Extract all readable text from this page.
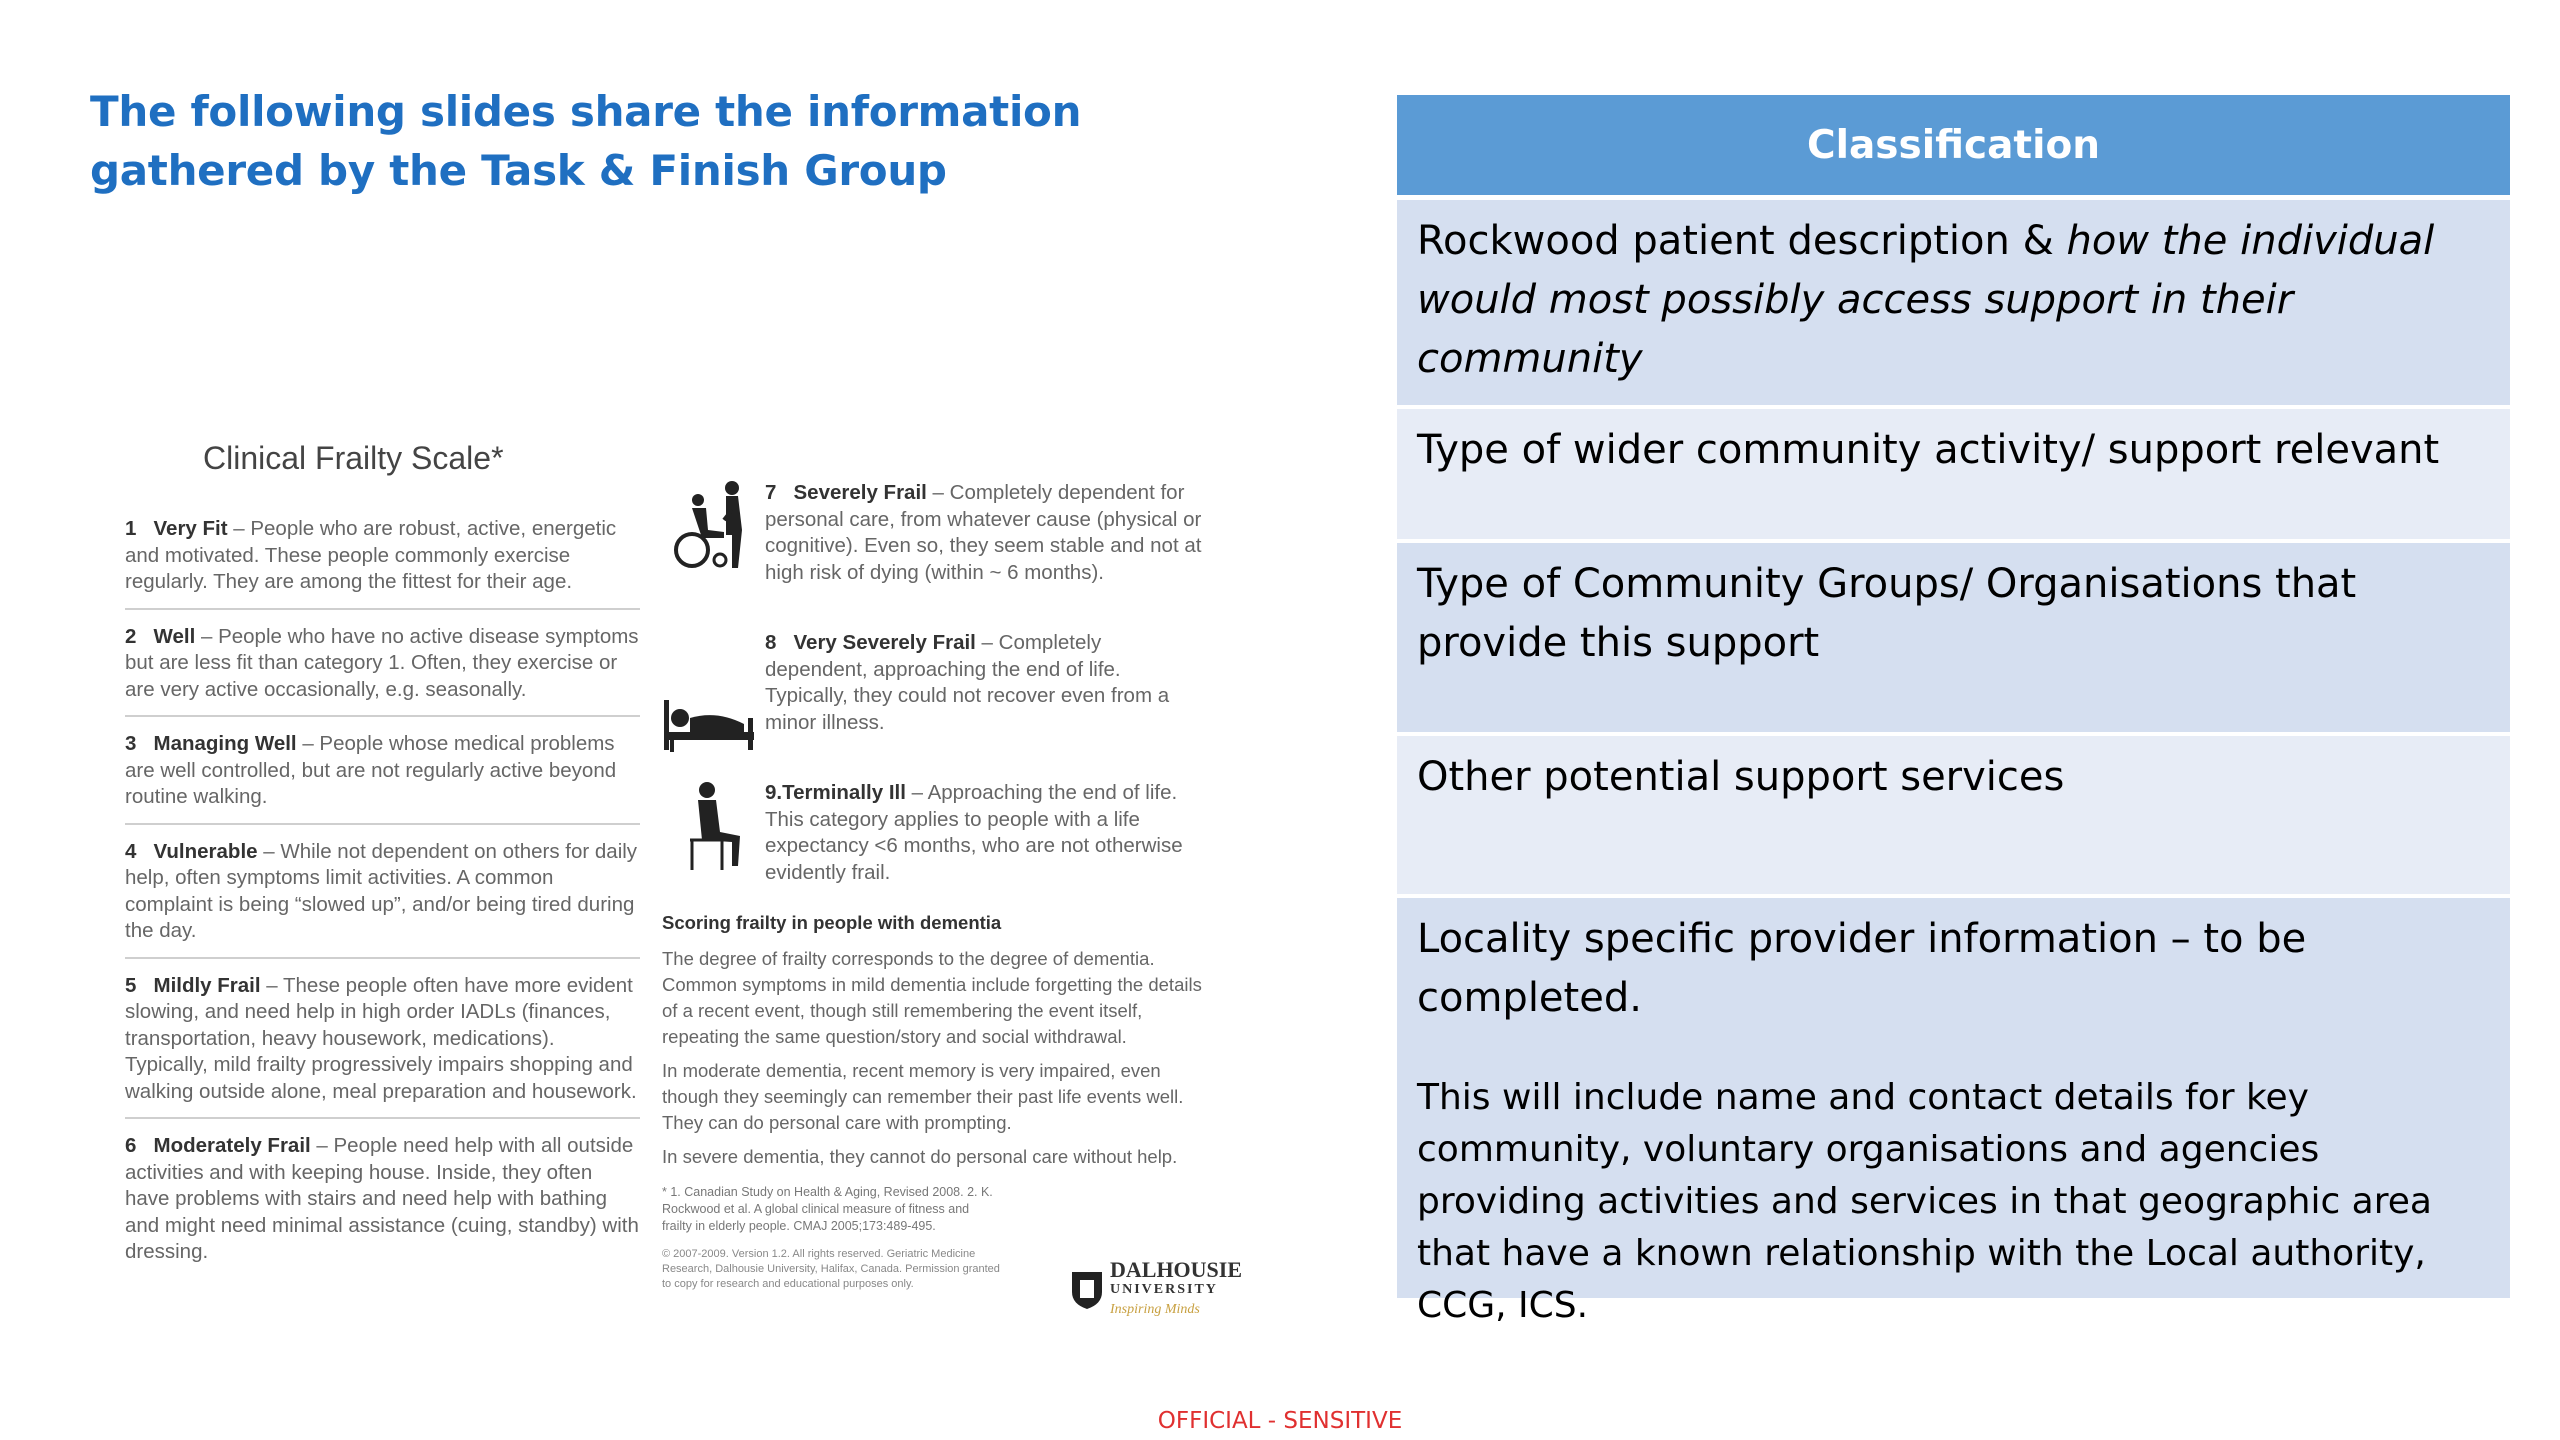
The following slides share the information
gathered by the Task & Finish Group
Clinical Frailty Scale*
1 Very Fit – People who are robust, active, energetic and motivated. These people commonly exercise regularly. They are among the fittest for their age.
2 Well – People who have no active disease symptoms but are less fit than category 1. Often, they exercise or are very active occasionally, e.g. seasonally.
3 Managing Well – People whose medical problems are well controlled, but are not regularly active beyond routine walking.
4 Vulnerable – While not dependent on others for daily help, often symptoms limit activities. A common complaint is being “slowed up”, and/or being tired during the day.
5 Mildly Frail – These people often have more evident slowing, and need help in high order IADLs (finances, transportation, heavy housework, medications). Typically, mild frailty progressively impairs shopping and walking outside alone, meal preparation and housework.
6 Moderately Frail – People need help with all outside activities and with keeping house. Inside, they often have problems with stairs and need help with bathing and might need minimal assistance (cuing, standby) with dressing.
7 Severely Frail – Completely dependent for personal care, from whatever cause (physical or cognitive). Even so, they seem stable and not at high risk of dying (within ~ 6 months).
8 Very Severely Frail – Completely dependent, approaching the end of life. Typically, they could not recover even from a minor illness.
9.Terminally Ill – Approaching the end of life. This category applies to people with a life expectancy <6 months, who are not otherwise evidently frail.
Scoring frailty in people with dementia

The degree of frailty corresponds to the degree of dementia. Common symptoms in mild dementia include forgetting the details of a recent event, though still remembering the event itself, repeating the same question/story and social withdrawal.

In moderate dementia, recent memory is very impaired, even though they seemingly can remember their past life events well. They can do personal care with prompting.

In severe dementia, they cannot do personal care without help.

* 1. Canadian Study on Health & Aging, Revised 2008. 2. K. Rockwood et al. A global clinical measure of fitness and frailty in elderly people. CMAJ 2005;173:489-495.
© 2007-2009. Version 1.2. All rights reserved. Geriatric Medicine Research, Dalhousie University, Halifax, Canada. Permission granted to copy for research and educational purposes only.
DALHOUSIE
UNIVERSITY
Inspiring Minds
Classification
Rockwood patient description & how the individual would most possibly access support in their community
Type of wider community activity/ support relevant
Type of Community Groups/ Organisations that provide this support
Other potential support services
Locality specific provider information – to be completed.
This will include name and contact details for key community, voluntary organisations and agencies providing activities and services in that geographic area that have a known relationship with the Local authority, CCG, ICS.
OFFICIAL - SENSITIVE
